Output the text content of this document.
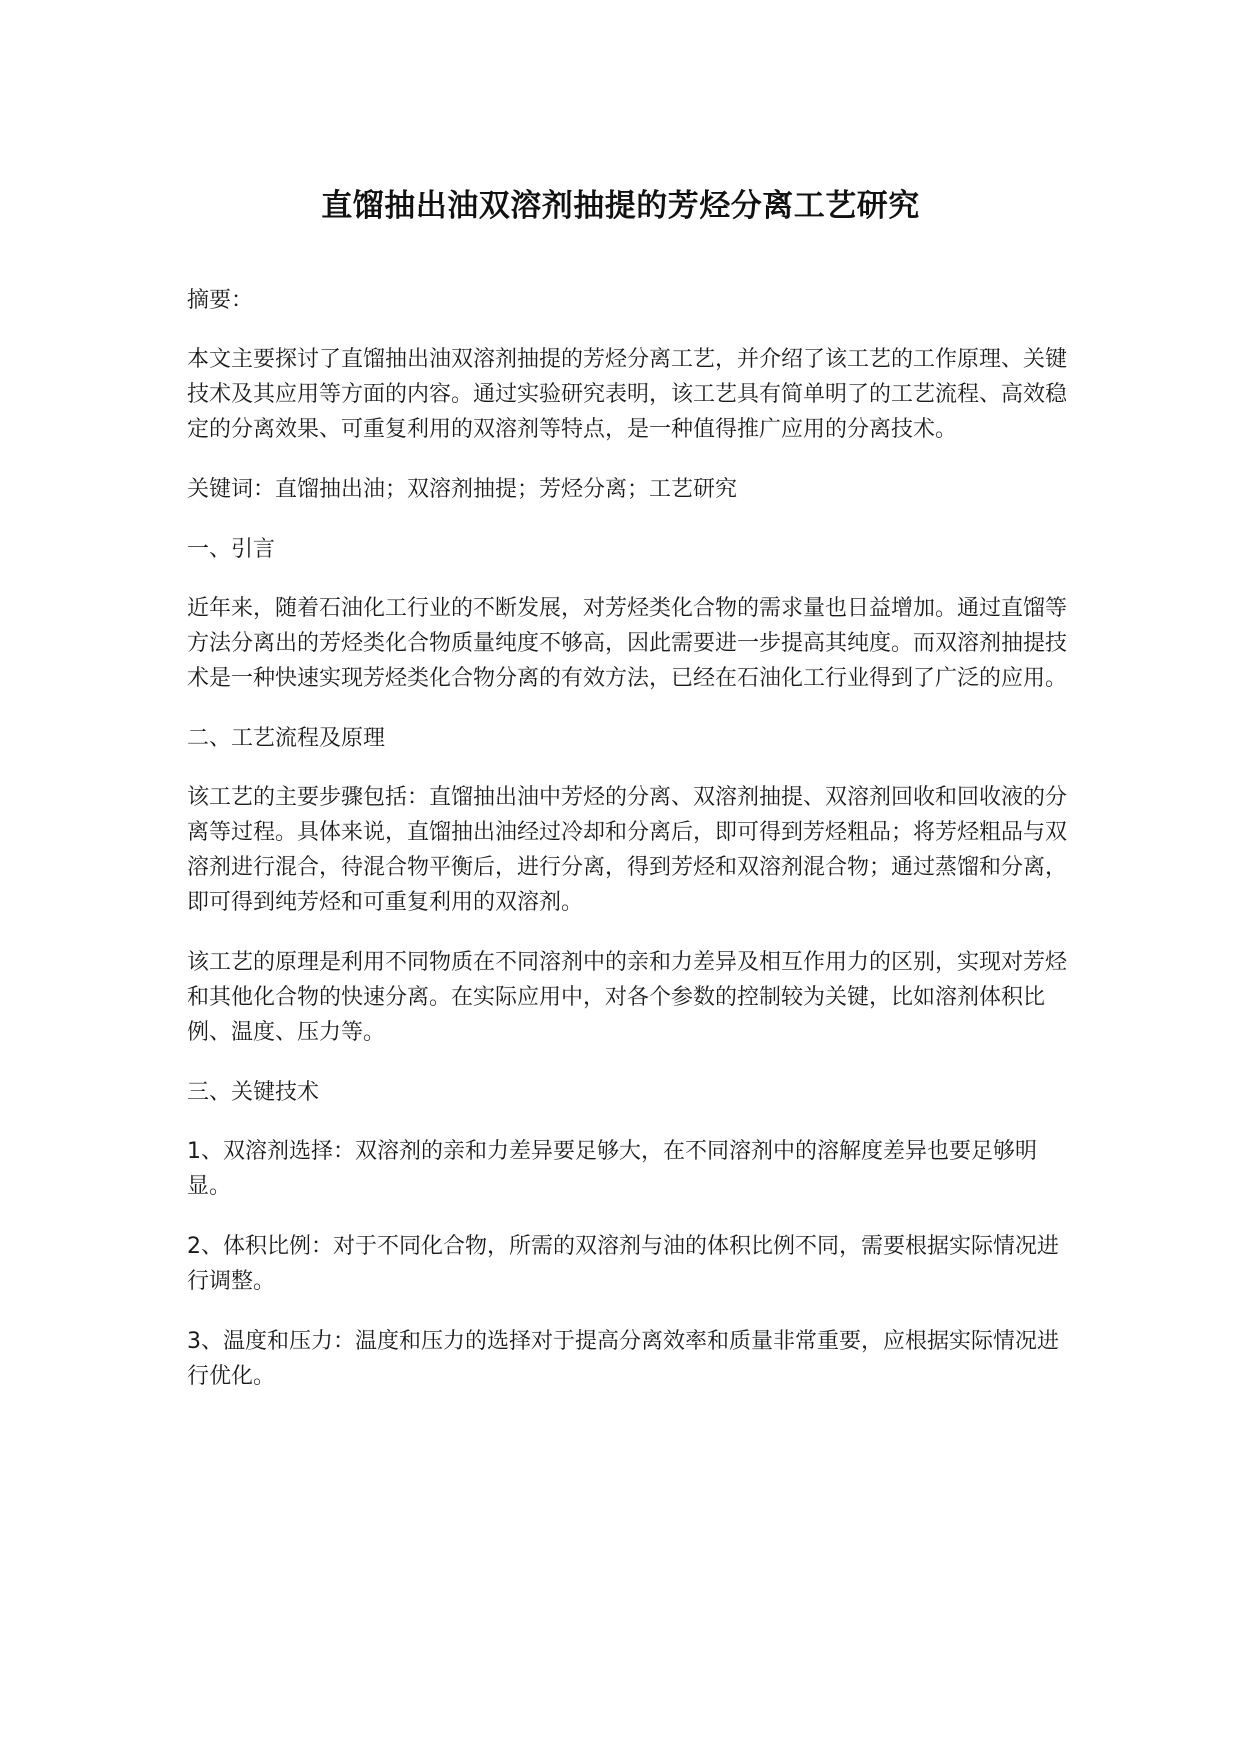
直馏抽出油双溶剂抽提的芳烃分离工艺研究

摘要：

本文主要探讨了直馏抽出油双溶剂抽提的芳烃分离工艺，并介绍了该工艺的工作原理、关键技术及其应用等方面的内容。通过实验研究表明，该工艺具有简单明了的工艺流程、高效稳定的分离效果、可重复利用的双溶剂等特点，是一种值得推广应用的分离技术。

关键词：直馏抽出油；双溶剂抽提；芳烃分离；工艺研究

一、引言

近年来，随着石油化工行业的不断发展，对芳烃类化合物的需求量也日益增加。通过直馏等方法分离出的芳烃类化合物质量纯度不够高，因此需要进一步提高其纯度。而双溶剂抽提技术是一种快速实现芳烃类化合物分离的有效方法，已经在石油化工行业得到了广泛的应用。

二、工艺流程及原理

该工艺的主要步骤包括：直馏抽出油中芳烃的分离、双溶剂抽提、双溶剂回收和回收液的分离等过程。具体来说，直馏抽出油经过冷却和分离后，即可得到芳烃粗品；将芳烃粗品与双溶剂进行混合，待混合物平衡后，进行分离，得到芳烃和双溶剂混合物；通过蒸馏和分离，即可得到纯芳烃和可重复利用的双溶剂。

该工艺的原理是利用不同物质在不同溶剂中的亲和力差异及相互作用力的区别，实现对芳烃和其他化合物的快速分离。在实际应用中，对各个参数的控制较为关键，比如溶剂体积比例、温度、压力等。

三、关键技术

1、双溶剂选择：双溶剂的亲和力差异要足够大，在不同溶剂中的溶解度差异也要足够明显。

2、体积比例：对于不同化合物，所需的双溶剂与油的体积比例不同，需要根据实际情况进行调整。

3、温度和压力：温度和压力的选择对于提高分离效率和质量非常重要，应根据实际情况进行优化。
